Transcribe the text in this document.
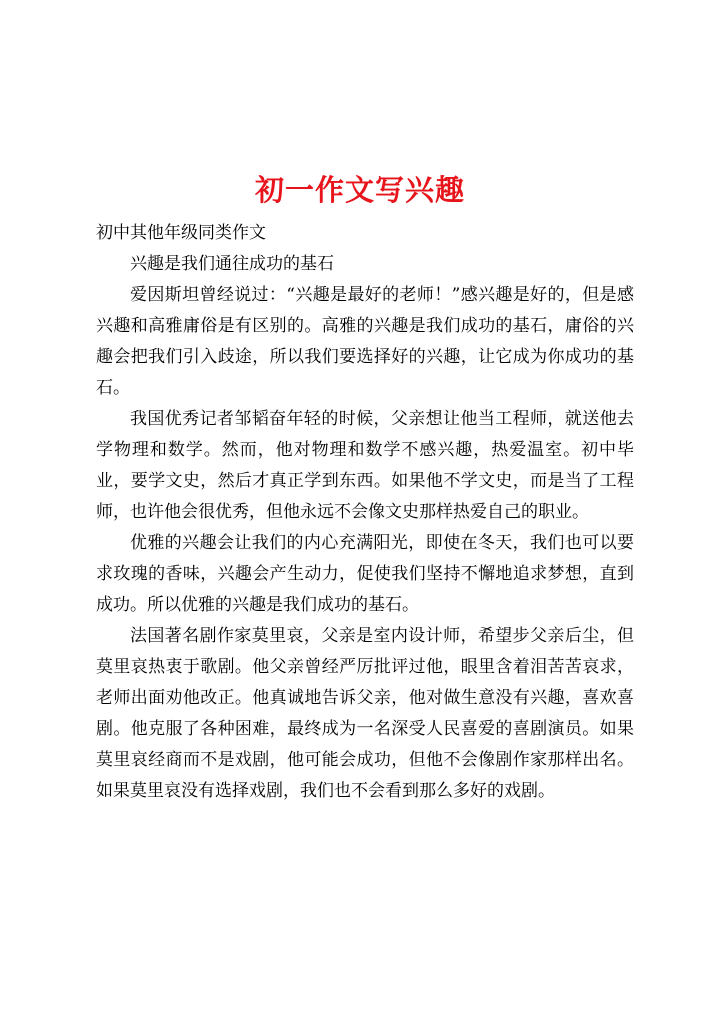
初一作文写兴趣

初中其他年级同类作文

兴趣是我们通往成功的基石

爱因斯坦曾经说过：“兴趣是最好的老师！”感兴趣是好的，但是感兴趣和高雅庸俗是有区别的。高雅的兴趣是我们成功的基石，庸俗的兴趣会把我们引入歧途，所以我们要选择好的兴趣，让它成为你成功的基石。

我国优秀记者邹韬奋年轻的时候，父亲想让他当工程师，就送他去学物理和数学。然而，他对物理和数学不感兴趣，热爱温室。初中毕业，要学文史，然后才真正学到东西。如果他不学文史，而是当了工程师，也许他会很优秀，但他永远不会像文史那样热爱自己的职业。

优雅的兴趣会让我们的内心充满阳光，即使在冬天，我们也可以要求玫瑰的香味，兴趣会产生动力，促使我们坚持不懈地追求梦想，直到成功。所以优雅的兴趣是我们成功的基石。

法国著名剧作家莫里哀，父亲是室内设计师，希望步父亲后尘，但莫里哀热衷于歌剧。他父亲曾经严厉批评过他，眼里含着泪苦苦哀求，老师出面劝他改正。他真诚地告诉父亲，他对做生意没有兴趣，喜欢喜剧。他克服了各种困难，最终成为一名深受人民喜爱的喜剧演员。如果莫里哀经商而不是戏剧，他可能会成功，但他不会像剧作家那样出名。如果莫里哀没有选择戏剧，我们也不会看到那么多好的戏剧。
